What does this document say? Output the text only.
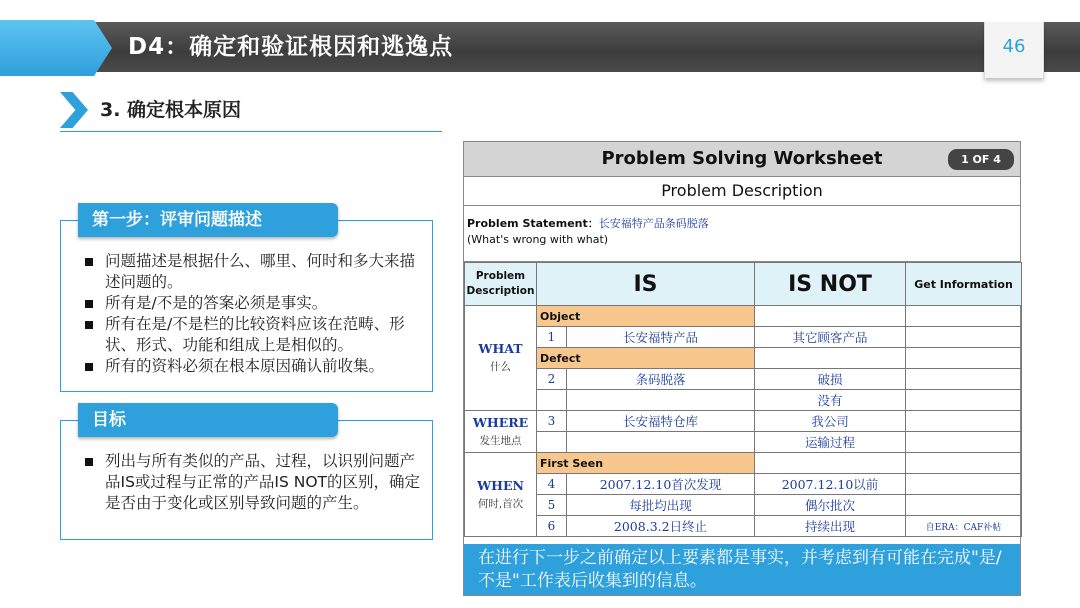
D4：确定和验证根因和逃逸点	46
3. 确定根本原因
问题描述是根据什么、哪里、何时和多大来描述问题的。
所有是/不是的答案必须是事实。
所有在是/不是栏的比较资料应该在范畴、形状、形式、功能和组成上是相似的。
所有的资料必须在根本原因确认前收集。
第一步：评审问题描述
列出与所有类似的产品、过程，以识别问题产品IS或过程与正常的产品IS NOT的区别，确定是否由于变化或区别导致问题的产生。
目标
Problem Solving Worksheet	1 OF 4
Problem Description
Problem Statement：长安福特产品条码脱落
(What's wrong with what)
Problem
Description	IS		IS NOT	Get Information

WHAT
什么	Object			
	1	长安福特产品	其它顾客产品	
	Defect			
	2	条码脱落	破损	
			没有	

WHERE
发生地点	3	长安福特仓库	我公司	
			运输过程	

WHEN
何时,首次	First Seen			
	4	2007.12.10首次发现	2007.12.10以前	
	5	每批均出现	偶尔批次	
	6	2008.3.2日终止	持续出现	自ERA：CAF补帖
在进行下一步之前确定以上要素都是事实，并考虑到有可能在完成"是/不是"工作表后收集到的信息。
